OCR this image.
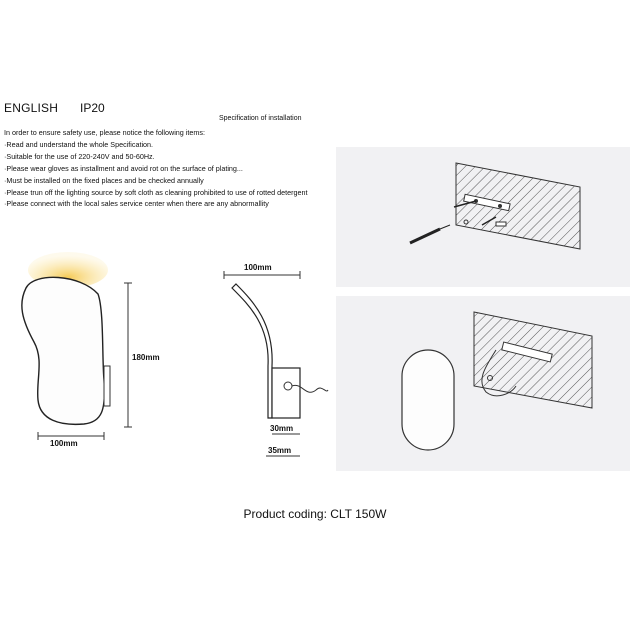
ENGLISH IP20
Specification of installation
In order to ensure safety use, please notice the following items:
·Read and understand the whole Specification.
·Suitable for the use of 220-240V and 50-60Hz.
·Please wear gloves as installment and avoid rot on the surface of plating...
·Must be installed on the fixed places and be checked annually
·Please trun off the lighting source by soft cloth as cleaning prohibited to use of rotted detergent
·Please connect with the local sales service center when there are any abnormallity
180mm
100mm
100mm
30mm
35mm
Product coding: CLT 150W
